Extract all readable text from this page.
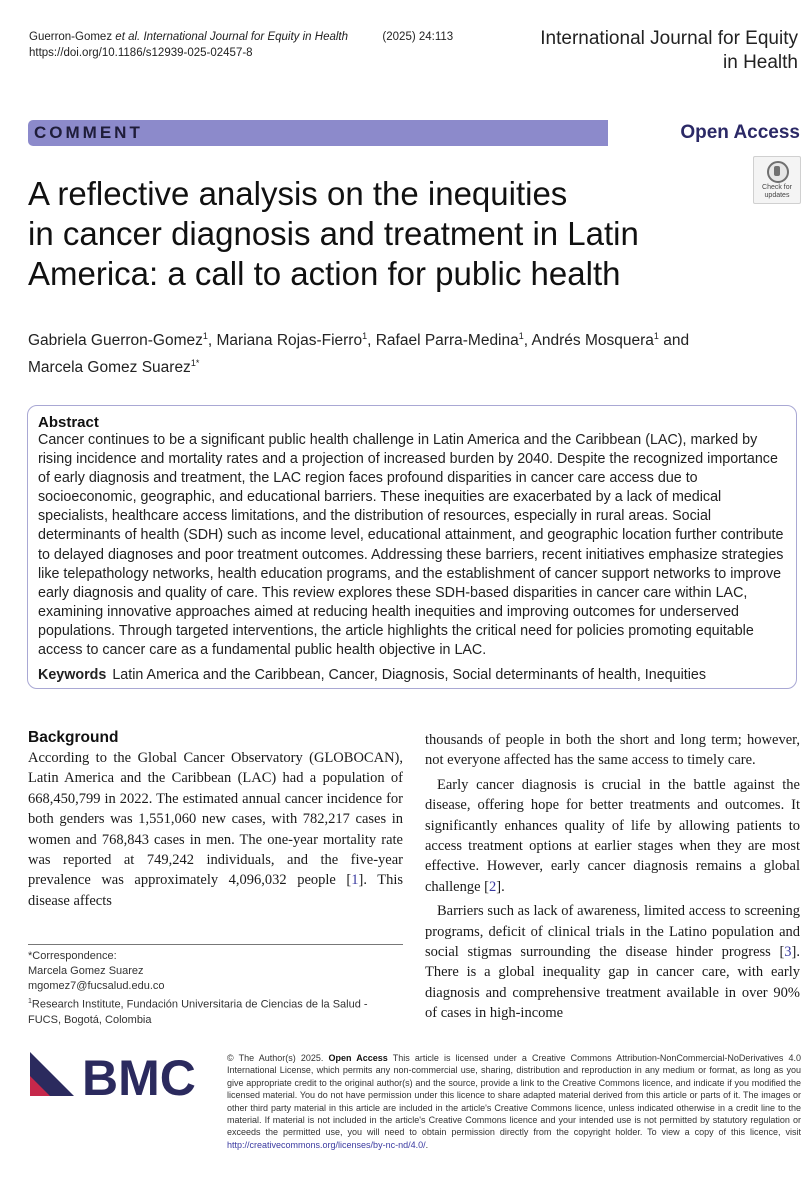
Guerron-Gomez et al. International Journal for Equity in Health	(2025) 24:113
https://doi.org/10.1186/s12939-025-02457-8
International Journal for Equity
in Health
COMMENT	Open Access
Check for
updates
A reflective analysis on the inequities
in cancer diagnosis and treatment in Latin
America: a call to action for public health
Gabriela Guerron-Gomez$^1$, Mariana Rojas-Fierro$^1$, Rafael Parra-Medina$^1$, Andrés Mosquera$^1$ and
Marcela Gomez Suarez$^{1*}$
Abstract
Cancer continues to be a significant public health challenge in Latin America and the Caribbean (LAC), marked by rising incidence and mortality rates and a projection of increased burden by 2040. Despite the recognized importance of early diagnosis and treatment, the LAC region faces profound disparities in cancer care access due to socioeconomic, geographic, and educational barriers. These inequities are exacerbated by a lack of medical specialists, healthcare access limitations, and the distribution of resources, especially in rural areas. Social determinants of health (SDH) such as income level, educational attainment, and geographic location further contribute to delayed diagnoses and poor treatment outcomes. Addressing these barriers, recent initiatives emphasize strategies like telepathology networks, health education programs, and the establishment of cancer support networks to improve early diagnosis and quality of care. This review explores these SDH-based disparities in cancer care within LAC, examining innovative approaches aimed at reducing health inequities and improving outcomes for underserved populations. Through targeted interventions, the article highlights the critical need for policies promoting equitable access to cancer care as a fundamental public health objective in LAC.
Keywords Latin America and the Caribbean, Cancer, Diagnosis, Social determinants of health, Inequities
Background
According to the Global Cancer Observatory (GLOBOCAN), Latin America and the Caribbean (LAC) had a population of 668,450,799 in 2022. The estimated annual cancer incidence for both genders was 1,551,060 new cases, with 782,217 cases in women and 768,843 cases in men. The one-year mortality rate was reported at 749,242 individuals, and the five-year prevalence was approximately 4,096,032 people [1]. This disease affects

thousands of people in both the short and long term; however, not everyone affected has the same access to timely care.

Early cancer diagnosis is crucial in the battle against the disease, offering hope for better treatments and outcomes. It significantly enhances quality of life by allowing patients to access treatment options at earlier stages when they are most effective. However, early cancer diagnosis remains a global challenge [2].

Barriers such as lack of awareness, limited access to screening programs, deficit of clinical trials in the Latino population and social stigmas surrounding the disease hinder progress [3]. There is a global inequality gap in cancer care, with early diagnosis and comprehensive treatment available in over 90% of cases in high-income

*Correspondence:
Marcela Gomez Suarez
mgomez7@fucsalud.edu.co
$^1$Research Institute, Fundación Universitaria de Ciencias de la Salud - FUCS, Bogotá, Colombia
BMC	© The Author(s) 2025. Open Access This article is licensed under a Creative Commons Attribution-NonCommercial-NoDerivatives 4.0 International License, which permits any non-commercial use, sharing, distribution and reproduction in any medium or format, as long as you give appropriate credit to the original author(s) and the source, provide a link to the Creative Commons licence, and indicate if you modified the licensed material. You do not have permission under this licence to share adapted material derived from this article or parts of it. The images or other third party material in this article are included in the article's Creative Commons licence, unless indicated otherwise in a credit line to the material. If material is not included in the article's Creative Commons licence and your intended use is not permitted by statutory regulation or exceeds the permitted use, you will need to obtain permission directly from the copyright holder. To view a copy of this licence, visit http://creativecommons.org/licenses/by-nc-nd/4.0/.
